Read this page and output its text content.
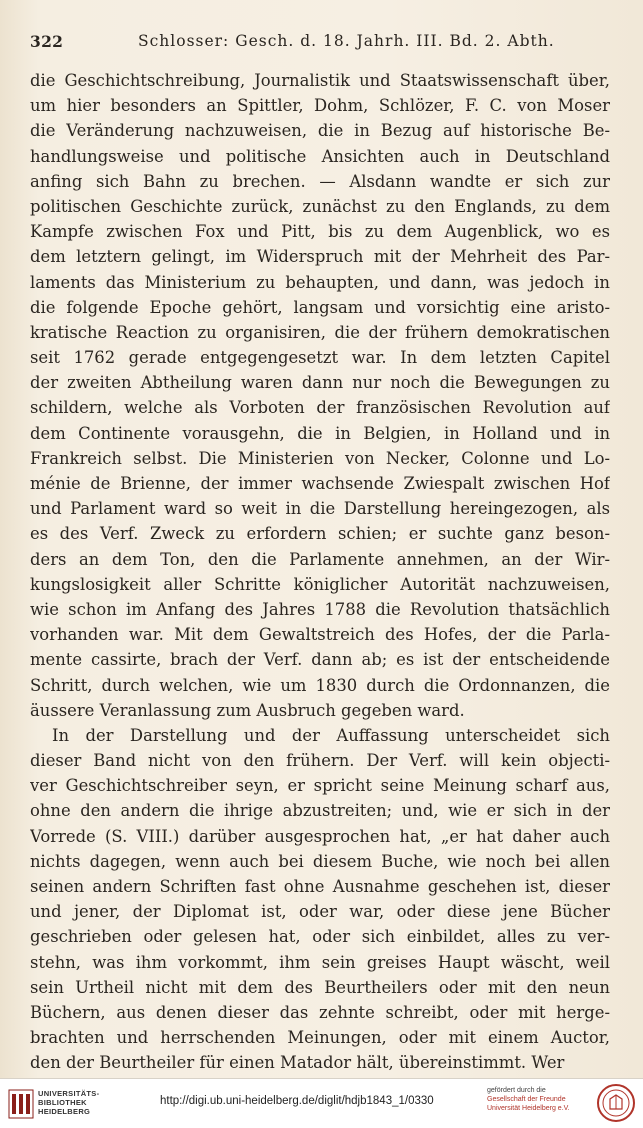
322	Schlosser: Gesch. d. 18. Jahrh. III. Bd. 2. Abth.
die Geschichtschreibung, Journalistik und Staatswissenschaft über,
um hier besonders an Spittler, Dohm, Schlözer, F. C. von Moser
die Veränderung nachzuweisen, die in Bezug auf historische Be-
handlungsweise und politische Ansichten auch in Deutschland
anfing sich Bahn zu brechen. — Alsdann wandte er sich zur
politischen Geschichte zurück, zunächst zu den Englands, zu dem
Kampfe zwischen Fox und Pitt, bis zu dem Augenblick, wo es
dem letztern gelingt, im Widerspruch mit der Mehrheit des Par-
laments das Ministerium zu behaupten, und dann, was jedoch in
die folgende Epoche gehört, langsam und vorsichtig eine aristo-
kratische Reaction zu organisiren, die der frühern demokratischen
seit 1762 gerade entgegengesetzt war. In dem letzten Capitel
der zweiten Abtheilung waren dann nur noch die Bewegungen zu
schildern, welche als Vorboten der französischen Revolution auf
dem Continente vorausgehn, die in Belgien, in Holland und in
Frankreich selbst. Die Ministerien von Necker, Colonne und Lo-
ménie de Brienne, der immer wachsende Zwiespalt zwischen Hof
und Parlament ward so weit in die Darstellung hereingezogen, als
es des Verf. Zweck zu erfordern schien; er suchte ganz beson-
ders an dem Ton, den die Parlamente annehmen, an der Wir-
kungslosigkeit aller Schritte königlicher Autorität nachzuweisen,
wie schon im Anfang des Jahres 1788 die Revolution thatsächlich
vorhanden war. Mit dem Gewaltstreich des Hofes, der die Parla-
mente cassirte, brach der Verf. dann ab; es ist der entscheidende
Schritt, durch welchen, wie um 1830 durch die Ordonnanzen, die
äussere Veranlassung zum Ausbruch gegeben ward.
In der Darstellung und der Auffassung unterscheidet sich
dieser Band nicht von den frühern. Der Verf. will kein objecti-
ver Geschichtschreiber seyn, er spricht seine Meinung scharf aus,
ohne den andern die ihrige abzustreiten; und, wie er sich in der
Vorrede (S. VIII.) darüber ausgesprochen hat, „er hat daher auch
nichts dagegen, wenn auch bei diesem Buche, wie noch bei allen
seinen andern Schriften fast ohne Ausnahme geschehen ist, dieser
und jener, der Diplomat ist, oder war, oder diese jene Bücher
geschrieben oder gelesen hat, oder sich einbildet, alles zu ver-
stehn, was ihm vorkommt, ihm sein greises Haupt wäscht, weil
sein Urtheil nicht mit dem des Beurtheilers oder mit den neun
Büchern, aus denen dieser das zehnte schreibt, oder mit herge-
brachten und herrschenden Meinungen, oder mit einem Auctor,
den der Beurtheiler für einen Matador hält, übereinstimmt. Wer
UNIVERSITÄTS-
BIBLIOTHEK
HEIDELBERG
http://digi.ub.uni-heidelberg.de/diglit/hdjb1843_1/0330
gefördert durch die
Gesellschaft der Freunde
Universität Heidelberg e.V.
